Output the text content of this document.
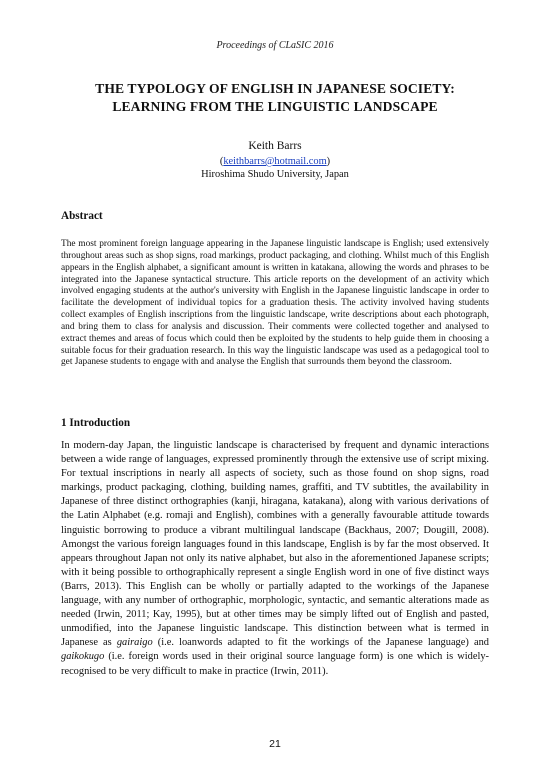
Proceedings of CLaSIC 2016
THE TYPOLOGY OF ENGLISH IN JAPANESE SOCIETY:
LEARNING FROM THE LINGUISTIC LANDSCAPE
Keith Barrs
(keithbarrs@hotmail.com)
Hiroshima Shudo University, Japan
Abstract

The most prominent foreign language appearing in the Japanese linguistic landscape is English; used extensively throughout areas such as shop signs, road markings, product packaging, and clothing. Whilst much of this English appears in the English alphabet, a significant amount is written in katakana, allowing the words and phrases to be integrated into the Japanese syntactical structure. This article reports on the development of an activity which involved engaging students at the author's university with English in the Japanese linguistic landscape in order to facilitate the development of individual topics for a graduation thesis. The activity involved having students collect examples of English inscriptions from the linguistic landscape, write descriptions about each photograph, and bring them to class for analysis and discussion. Their comments were collected together and analysed to extract themes and areas of focus which could then be exploited by the students to help guide them in choosing a suitable focus for their graduation research. In this way the linguistic landscape was used as a pedagogical tool to get Japanese students to engage with and analyse the English that surrounds them beyond the classroom.

1 Introduction

In modern-day Japan, the linguistic landscape is characterised by frequent and dynamic interactions between a wide range of languages, expressed prominently through the extensive use of script mixing. For textual inscriptions in nearly all aspects of society, such as those found on shop signs, road markings, product packaging, clothing, building names, graffiti, and TV subtitles, the availability in Japanese of three distinct orthographies (kanji, hiragana, katakana), along with various derivations of the Latin Alphabet (e.g. romaji and English), combines with a generally favourable attitude towards linguistic borrowing to produce a vibrant multilingual landscape (Backhaus, 2007; Dougill, 2008). Amongst the various foreign languages found in this landscape, English is by far the most observed. It appears throughout Japan not only its native alphabet, but also in the aforementioned Japanese scripts; with it being possible to orthographically represent a single English word in one of five distinct ways (Barrs, 2013). This English can be wholly or partially adapted to the workings of the Japanese language, with any number of orthographic, morphologic, syntactic, and semantic alterations made as needed (Irwin, 2011; Kay, 1995), but at other times may be simply lifted out of English and pasted, unmodified, into the Japanese linguistic landscape. This distinction between what is termed in Japanese as gairaigo (i.e. loanwords adapted to fit the workings of the Japanese language) and gaikokugo (i.e. foreign words used in their original source language form) is one which is widely-recognised to be very difficult to make in practice (Irwin, 2011).

21
